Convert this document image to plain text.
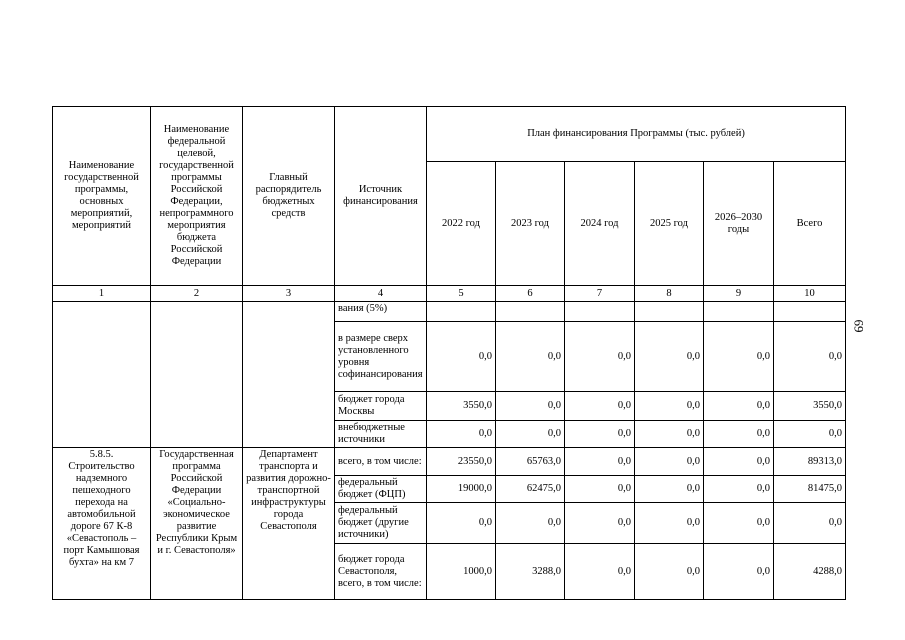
69
Наименование государственной программы, основных мероприятий, мероприятий	Наименование федеральной целевой, государственной программы Российской Федерации, непрограммного мероприятия бюджета Российской Федерации	Главный распорядитель бюджетных средств	Источник финансирования	План финансирования Программы (тыс. рублей)					
				2022 год	2023 год	2024 год	2025 год	2026–2030 годы	Всего
1	2	3	4	5	6	7	8	9	10
			вания (5%)						
			в размере сверх установленного уровня софинансирования	0,0	0,0	0,0	0,0	0,0	0,0
			бюджет города Москвы	3550,0	0,0	0,0	0,0	0,0	3550,0
			внебюджетные источники	0,0	0,0	0,0	0,0	0,0	0,0
5.8.5. Строительство надземного пешеходного перехода на автомобильной дороге 67 К-8 «Севастополь – порт Камышовая бухта» на км 7	Государственная программа Российской Федерации «Социально-экономическое развитие Республики Крым и г. Севастополя»	Департамент транспорта и развития дорожно-транспортной инфраструктуры города Севастополя	всего, в том числе:	23550,0	65763,0	0,0	0,0	0,0	89313,0
			федеральный бюджет (ФЦП)	19000,0	62475,0	0,0	0,0	0,0	81475,0
			федеральный бюджет (другие источники)	0,0	0,0	0,0	0,0	0,0	0,0
			бюджет города Севастополя, всего, в том числе:	1000,0	3288,0	0,0	0,0	0,0	4288,0
